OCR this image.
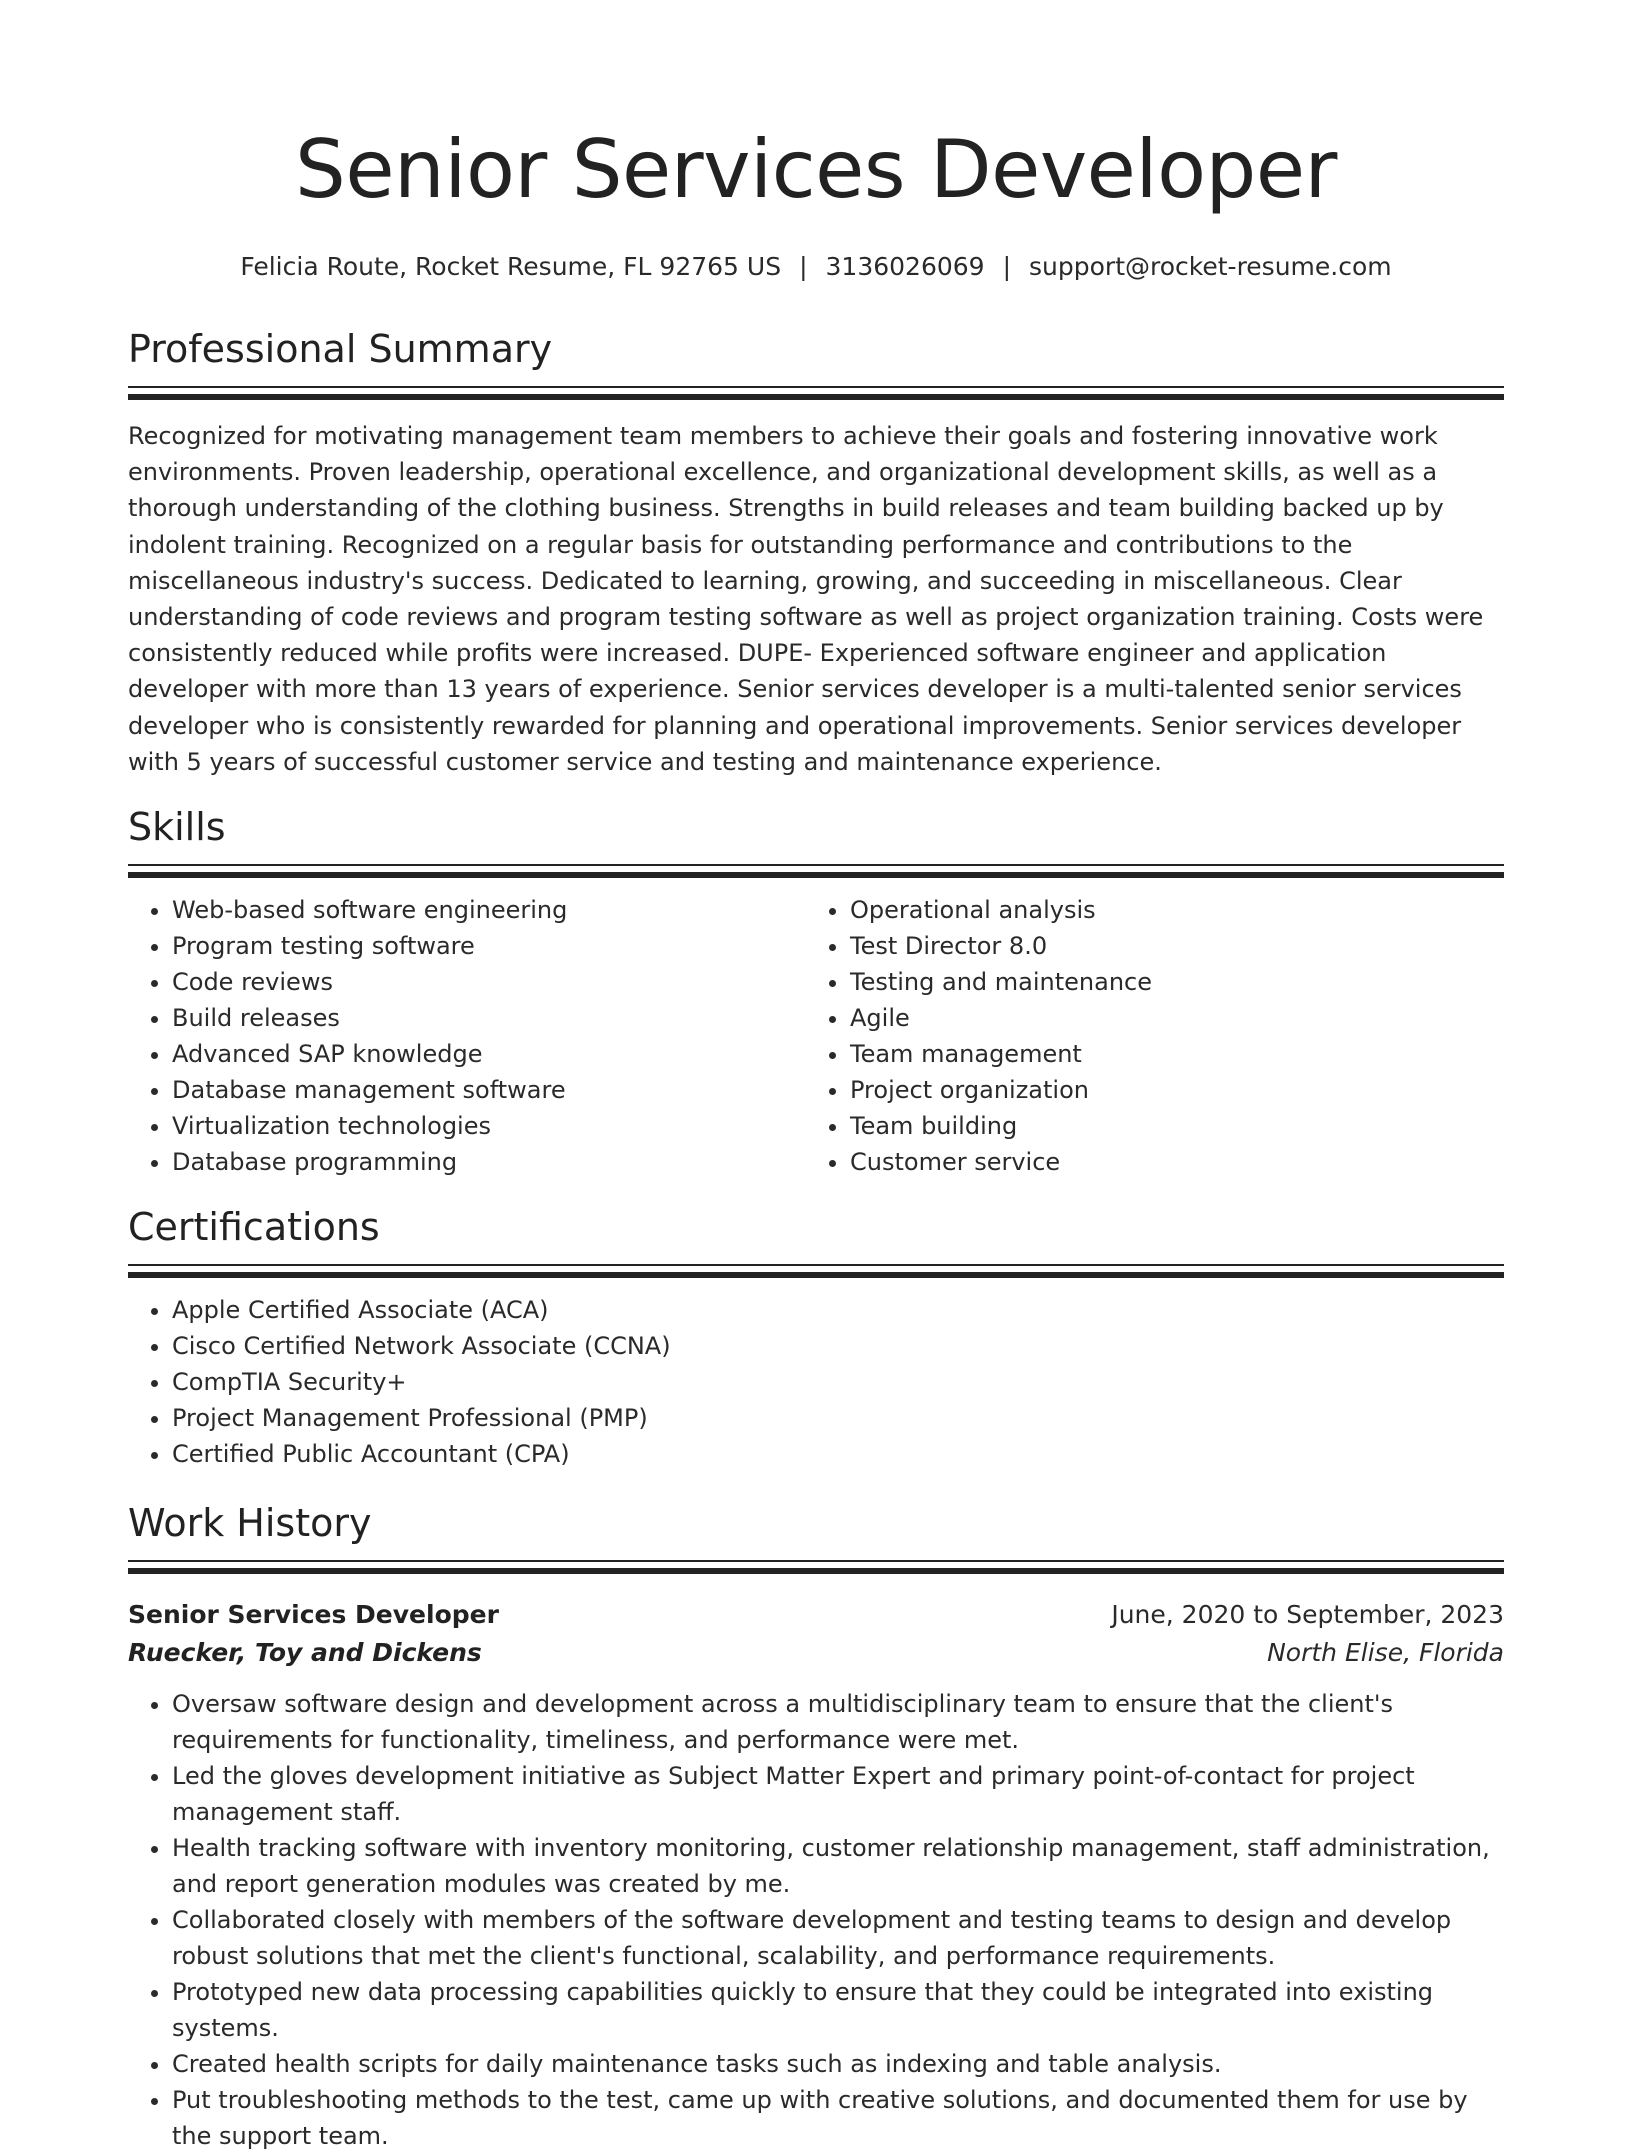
Senior Services Developer
Felicia Route, Rocket Resume, FL 92765 US | 3136026069 | support@rocket-resume.com
Professional Summary

Recognized for motivating management team members to achieve their goals and fostering innovative work environments. Proven leadership, operational excellence, and organizational development skills, as well as a thorough understanding of the clothing business. Strengths in build releases and team building backed up by indolent training. Recognized on a regular basis for outstanding performance and contributions to the miscellaneous industry's success. Dedicated to learning, growing, and succeeding in miscellaneous. Clear understanding of code reviews and program testing software as well as project organization training. Costs were consistently reduced while profits were increased. DUPE- Experienced software engineer and application developer with more than 13 years of experience. Senior services developer is a multi-talented senior services developer who is consistently rewarded for planning and operational improvements. Senior services developer with 5 years of successful customer service and testing and maintenance experience.

Skills
• Web-based software engineering
• Program testing software
• Code reviews
• Build releases
• Advanced SAP knowledge
• Database management software
• Virtualization technologies
• Database programming
• Operational analysis
• Test Director 8.0
• Testing and maintenance
• Agile
• Team management
• Project organization
• Team building
• Customer service
Certifications
• Apple Certified Associate (ACA)
• Cisco Certified Network Associate (CCNA)
• CompTIA Security+
• Project Management Professional (PMP)
• Certified Public Accountant (CPA)
Work History
Senior Services Developer	June, 2020 to September, 2023
Ruecker, Toy and Dickens	North Elise, Florida
• Oversaw software design and development across a multidisciplinary team to ensure that the client's requirements for functionality, timeliness, and performance were met.
• Led the gloves development initiative as Subject Matter Expert and primary point-of-contact for project management staff.
• Health tracking software with inventory monitoring, customer relationship management, staff administration, and report generation modules was created by me.
• Collaborated closely with members of the software development and testing teams to design and develop robust solutions that met the client's functional, scalability, and performance requirements.
• Prototyped new data processing capabilities quickly to ensure that they could be integrated into existing systems.
• Created health scripts for daily maintenance tasks such as indexing and table analysis.
• Put troubleshooting methods to the test, came up with creative solutions, and documented them for use by the support team.
